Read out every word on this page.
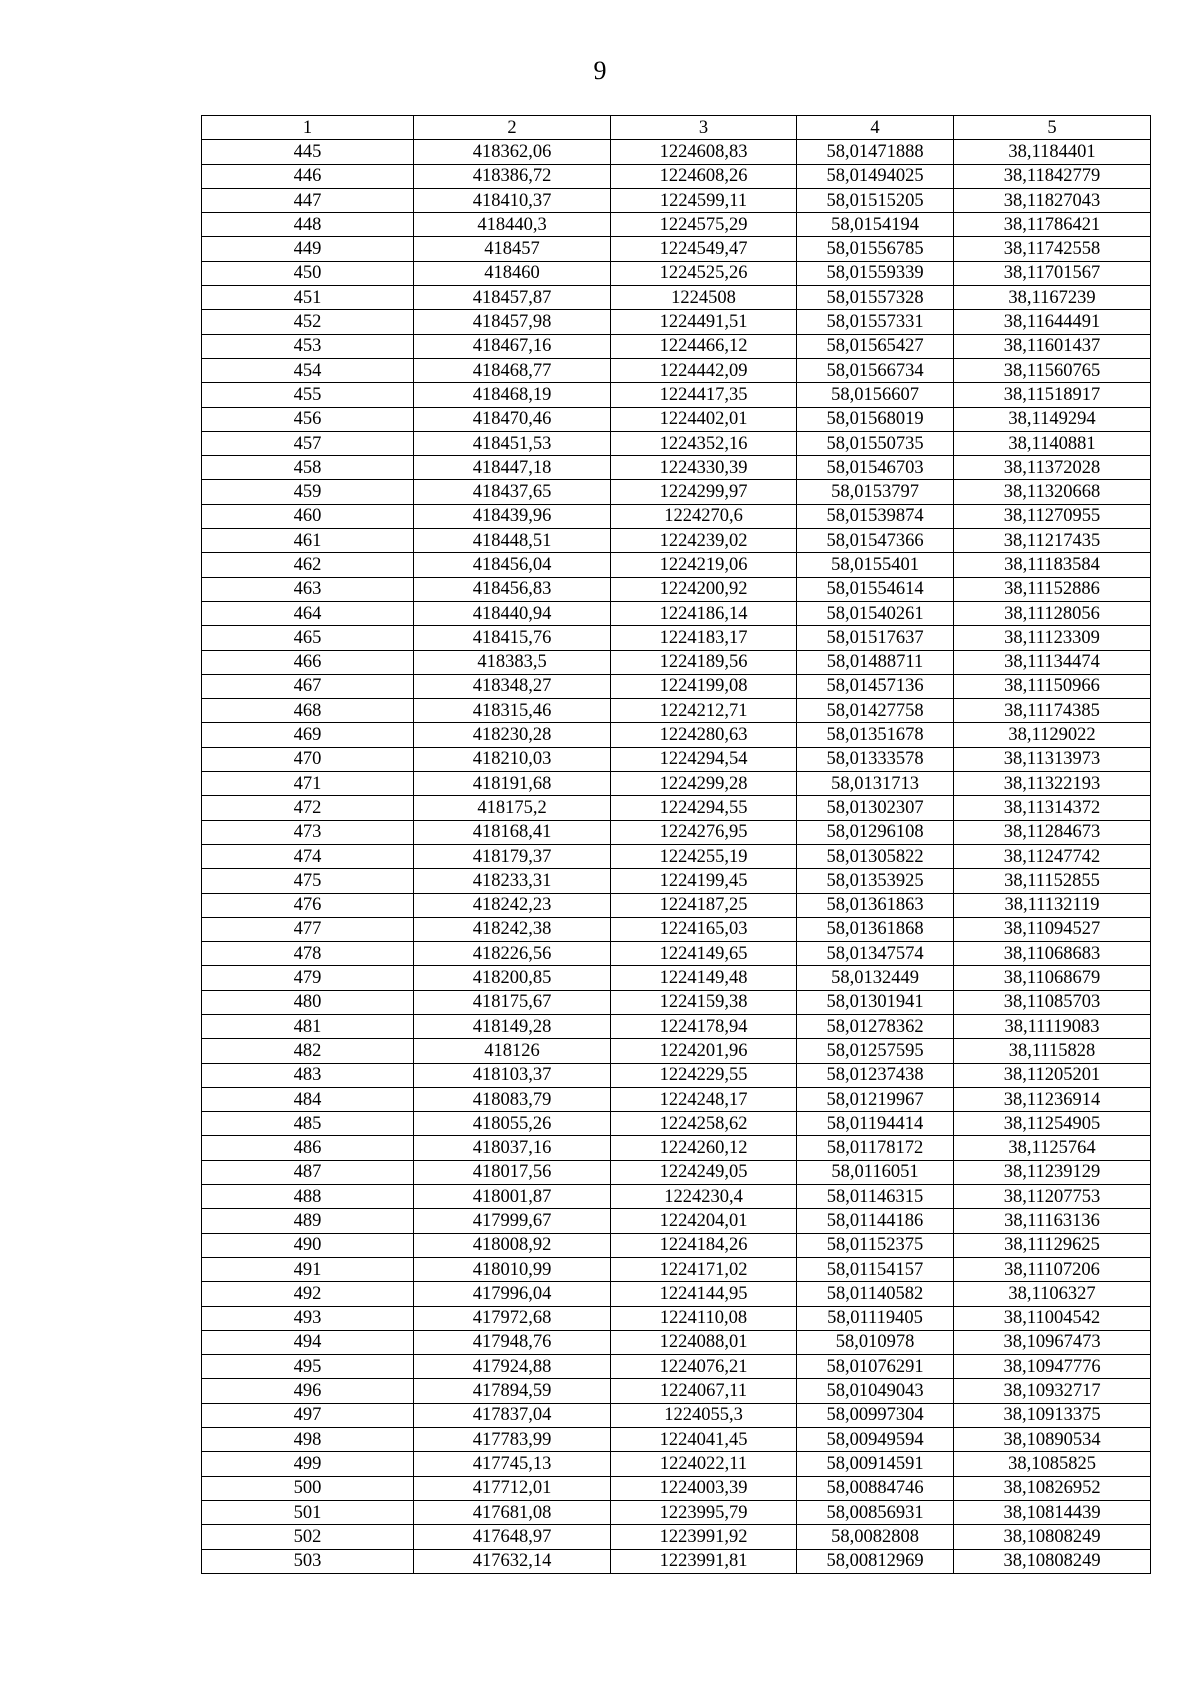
9
1	2	3	4	5
445	418362,06	1224608,83	58,01471888	38,1184401
446	418386,72	1224608,26	58,01494025	38,11842779
447	418410,37	1224599,11	58,01515205	38,11827043
448	418440,3	1224575,29	58,0154194	38,11786421
449	418457	1224549,47	58,01556785	38,11742558
450	418460	1224525,26	58,01559339	38,11701567
451	418457,87	1224508	58,01557328	38,1167239
452	418457,98	1224491,51	58,01557331	38,11644491
453	418467,16	1224466,12	58,01565427	38,11601437
454	418468,77	1224442,09	58,01566734	38,11560765
455	418468,19	1224417,35	58,0156607	38,11518917
456	418470,46	1224402,01	58,01568019	38,1149294
457	418451,53	1224352,16	58,01550735	38,1140881
458	418447,18	1224330,39	58,01546703	38,11372028
459	418437,65	1224299,97	58,0153797	38,11320668
460	418439,96	1224270,6	58,01539874	38,11270955
461	418448,51	1224239,02	58,01547366	38,11217435
462	418456,04	1224219,06	58,0155401	38,11183584
463	418456,83	1224200,92	58,01554614	38,11152886
464	418440,94	1224186,14	58,01540261	38,11128056
465	418415,76	1224183,17	58,01517637	38,11123309
466	418383,5	1224189,56	58,01488711	38,11134474
467	418348,27	1224199,08	58,01457136	38,11150966
468	418315,46	1224212,71	58,01427758	38,11174385
469	418230,28	1224280,63	58,01351678	38,1129022
470	418210,03	1224294,54	58,01333578	38,11313973
471	418191,68	1224299,28	58,0131713	38,11322193
472	418175,2	1224294,55	58,01302307	38,11314372
473	418168,41	1224276,95	58,01296108	38,11284673
474	418179,37	1224255,19	58,01305822	38,11247742
475	418233,31	1224199,45	58,01353925	38,11152855
476	418242,23	1224187,25	58,01361863	38,11132119
477	418242,38	1224165,03	58,01361868	38,11094527
478	418226,56	1224149,65	58,01347574	38,11068683
479	418200,85	1224149,48	58,0132449	38,11068679
480	418175,67	1224159,38	58,01301941	38,11085703
481	418149,28	1224178,94	58,01278362	38,11119083
482	418126	1224201,96	58,01257595	38,1115828
483	418103,37	1224229,55	58,01237438	38,11205201
484	418083,79	1224248,17	58,01219967	38,11236914
485	418055,26	1224258,62	58,01194414	38,11254905
486	418037,16	1224260,12	58,01178172	38,1125764
487	418017,56	1224249,05	58,0116051	38,11239129
488	418001,87	1224230,4	58,01146315	38,11207753
489	417999,67	1224204,01	58,01144186	38,11163136
490	418008,92	1224184,26	58,01152375	38,11129625
491	418010,99	1224171,02	58,01154157	38,11107206
492	417996,04	1224144,95	58,01140582	38,1106327
493	417972,68	1224110,08	58,01119405	38,11004542
494	417948,76	1224088,01	58,010978	38,10967473
495	417924,88	1224076,21	58,01076291	38,10947776
496	417894,59	1224067,11	58,01049043	38,10932717
497	417837,04	1224055,3	58,00997304	38,10913375
498	417783,99	1224041,45	58,00949594	38,10890534
499	417745,13	1224022,11	58,00914591	38,1085825
500	417712,01	1224003,39	58,00884746	38,10826952
501	417681,08	1223995,79	58,00856931	38,10814439
502	417648,97	1223991,92	58,0082808	38,10808249
503	417632,14	1223991,81	58,00812969	38,10808249
